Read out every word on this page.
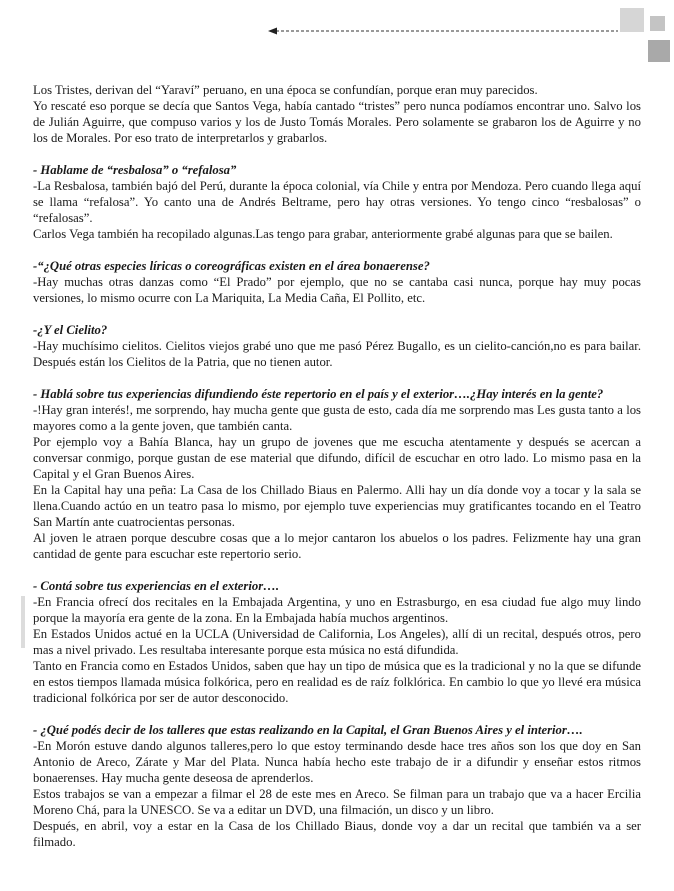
Los Tristes, derivan del “Yaraví” peruano, en una época se confundían, porque eran muy parecidos.
Yo rescaté eso porque se decía que Santos Vega, había cantado “tristes” pero nunca podíamos encontrar uno. Salvo los de Julián Aguirre, que compuso varios y los de Justo Tomás Morales. Pero solamente se grabaron los de Aguirre y no los de Morales. Por eso trato de interpretarlos y grabarlos.
- Hablame de “resbalosa” o “refalosa”
-La Resbalosa, también bajó del Perú, durante la época colonial, vía Chile y entra por Mendoza. Pero cuando llega aquí se llama “refalosa”. Yo canto una de Andrés Beltrame, pero hay otras versiones. Yo tengo cinco “resbalosas” o “refalosas”.
Carlos Vega también ha recopilado algunas.Las tengo para grabar, anteriormente grabé algunas para que se bailen.
-“¿Qué otras especies líricas o coreográficas existen en el área bonaerense?
-Hay muchas otras danzas como “El Prado” por ejemplo, que no se cantaba casi nunca, porque hay muy pocas versiones, lo mismo ocurre con La Mariquita, La Media Caña, El Pollito, etc.
-¿Y el Cielito?
-Hay muchísimo cielitos. Cielitos viejos grabé uno que me pasó Pérez Bugallo, es un cielito-canción,no es para bailar. Después están los Cielitos de la Patria, que no tienen autor.
- Hablá sobre tus experiencias difundiendo éste repertorio en el país y el exterior….¿Hay interés en la gente?
-!Hay gran interés!, me sorprendo, hay mucha gente que gusta de esto, cada día me sorprendo mas Les gusta tanto a los mayores como a la gente joven, que también canta.
Por ejemplo voy a Bahía Blanca, hay un grupo de jovenes que me escucha atentamente y después se acercan a conversar conmigo, porque gustan de ese material que difundo, difícil de escuchar en otro lado. Lo mismo pasa en la Capital y el Gran Buenos Aires.
En la Capital hay una peña: La Casa de los Chillado Biaus en Palermo. Alli hay un día donde voy a tocar y la sala se llena.Cuando actúo en un teatro pasa lo mismo, por ejemplo tuve experiencias muy gratificantes tocando en el Teatro San Martín ante cuatrocientas personas.
Al joven le atraen porque descubre cosas que a lo mejor cantaron los abuelos o los padres. Felizmente hay una gran cantidad de gente para escuchar este repertorio serio.
- Contá sobre tus experiencias en el exterior….
-En Francia ofrecí dos recitales en la Embajada Argentina, y uno en Estrasburgo, en esa ciudad fue algo muy lindo porque la mayoría era gente de la zona. En la Embajada había muchos argentinos.
En Estados Unidos actué en la UCLA (Universidad de California, Los Angeles), allí di un recital, después otros, pero mas a nivel privado. Les resultaba interesante porque esta música no está difundida.
Tanto en Francia como en Estados Unidos, saben que hay un tipo de música que es la tradicional y no la que se difunde en estos tiempos llamada música folkórica, pero en realidad es de raíz folklórica. En cambio lo que yo llevé era música tradicional folkórica por ser de autor desconocido.
- ¿Qué podés decir de los talleres que estas realizando en la Capital, el Gran Buenos Aires y el interior….
-En Morón estuve dando algunos talleres,pero lo que estoy terminando desde hace tres años son los que doy en San Antonio de Areco, Zárate y Mar del Plata. Nunca había hecho este trabajo de ir a difundir y enseñar estos ritmos bonaerenses. Hay mucha gente deseosa de aprenderlos.
Estos trabajos se van a empezar a filmar el 28 de este mes en Areco. Se filman para un trabajo que va a hacer Ercilia Moreno Chá, para la UNESCO. Se va a editar un DVD, una filmación, un disco y un libro.
Después, en abril, voy a estar en la Casa de los Chillado Biaus, donde voy a dar un recital que también va a ser filmado.
